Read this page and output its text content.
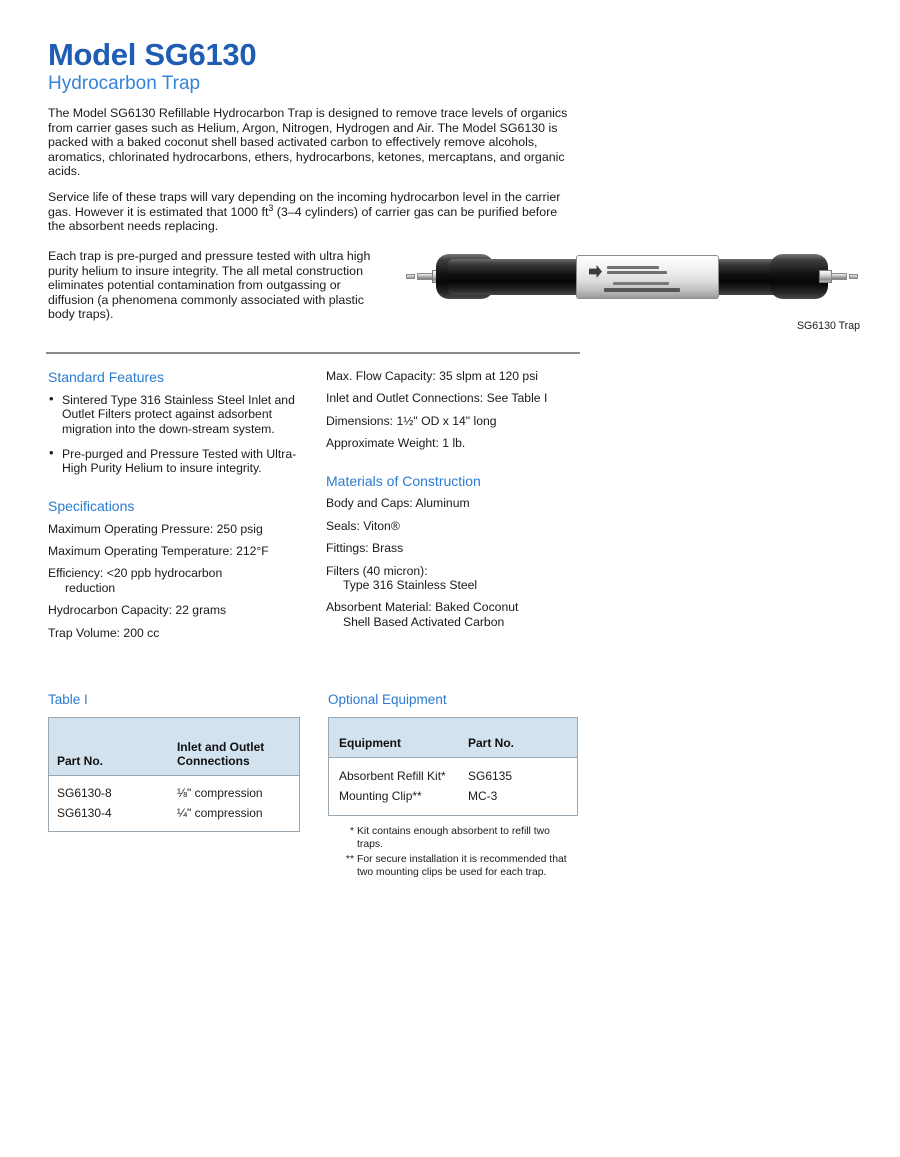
Model SG6130
Hydrocarbon Trap

The Model SG6130 Refillable Hydrocarbon Trap is designed to remove trace levels of organics from carrier gases such as Helium, Argon, Nitrogen, Hydrogen and Air. The Model SG6130 is packed with a baked coconut shell based activated carbon to effectively remove alcohols, aromatics, chlorinated hydrocarbons, ethers, hydrocarbons, ketones, mercaptans, and organic acids.

Service life of these traps will vary depending on the incoming hydrocarbon level in the carrier gas. However it is estimated that 1000 $ft^3$ (3–4 cylinders) of carrier gas can be purified before the absorbent needs replacing.

Each trap is pre-purged and pressure tested with ultra high purity helium to insure integrity. The all metal construction eliminates potential contamination from outgassing or diffusion (a phenomena commonly associated with plastic body traps).

SG6130 Trap
Standard Features
• Sintered Type 316 Stainless Steel Inlet and Outlet Filters protect against adsorbent migration into the down-stream system.
• Pre-purged and Pressure Tested with Ultra-High Purity Helium to insure integrity.
Specifications
Maximum Operating Pressure: 250 psig
Maximum Operating Temperature: 212°F
Efficiency: <20 ppb hydrocarbon
reduction
Hydrocarbon Capacity: 22 grams
Trap Volume: 200 cc
Max. Flow Capacity: 35 slpm at 120 psi
Inlet and Outlet Connections: See Table I
Dimensions: 1½" OD x 14" long
Approximate Weight: 1 lb.
Materials of Construction
Body and Caps: Aluminum
Seals: Viton®
Fittings: Brass
Filters (40 micron):
Type 316 Stainless Steel
Absorbent Material: Baked Coconut
Shell Based Activated Carbon
Table I
Part No.	Inlet and Outlet Connections
SG6130-8	⅛" compression
SG6130-4	¼" compression
Optional Equipment
Equipment	Part No.
Absorbent Refill Kit*	SG6135
Mounting Clip**	MC-3
* Kit contains enough absorbent to refill two traps.
** For secure installation it is recommended that
two mounting clips be used for each trap.
